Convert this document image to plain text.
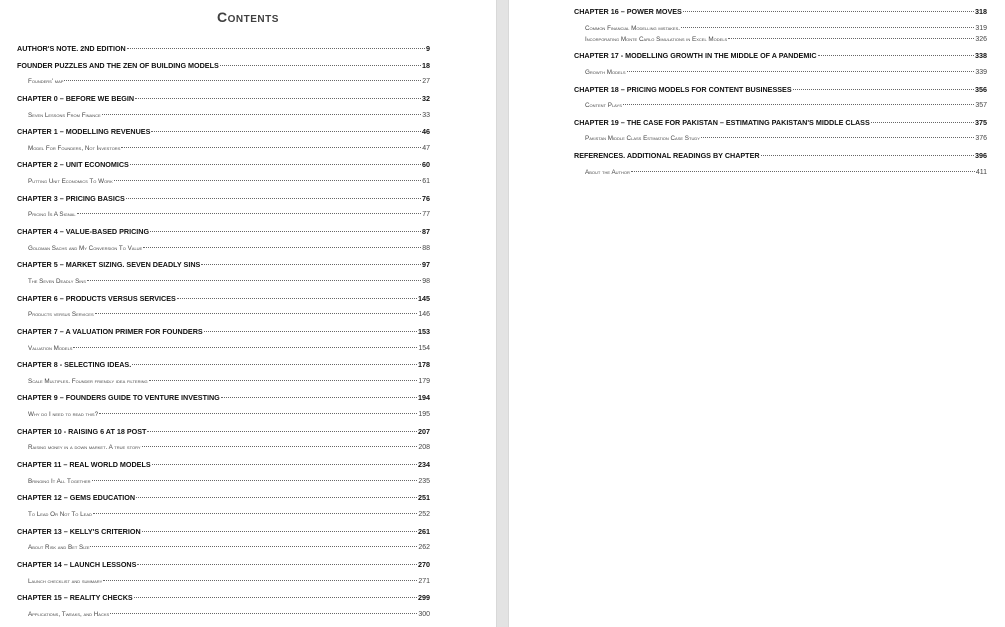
Contents
AUTHOR'S NOTE. 2ND EDITION	9
FOUNDER PUZZLES AND THE ZEN OF BUILDING MODELS	18
Founders' map	27
CHAPTER 0 – BEFORE WE BEGIN	32
Seven Lessons From Finance	33
CHAPTER 1 – MODELLING REVENUES	46
Model For Founders, Not Investors	47
CHAPTER 2 – UNIT ECONOMICS	60
Putting Unit Economics To Work	61
CHAPTER 3 – PRICING BASICS	76
Pricing Is A Signal	77
CHAPTER 4 – VALUE-BASED PRICING	87
Goldman Sachs and My Conversion To Value	88
CHAPTER 5 – MARKET SIZING. SEVEN DEADLY SINS	97
The Seven Deadly Sins	98
CHAPTER 6 – PRODUCTS VERSUS SERVICES	145
Products versus Services	146
CHAPTER 7 – A VALUATION PRIMER FOR FOUNDERS	153
Valuation Models	154
CHAPTER 8 - SELECTING IDEAS.	178
Scale Multiples. Founder friendly idea filtering	179
CHAPTER 9 – FOUNDERS GUIDE TO VENTURE INVESTING	194
Why do I need to read this?	195
CHAPTER 10 - RAISING 6 AT 18 POST	207
Raising money in a down market. A true story	208
CHAPTER 11 – REAL WORLD MODELS	234
Bringing It All Together	235
CHAPTER 12 – GEMS EDUCATION	251
To Lead Or Not To Lead	252
CHAPTER 13 – KELLY'S CRITERION	261
About Risk and Bet Size	262
CHAPTER 14 – LAUNCH LESSONS	270
Launch checklist and summary	271
CHAPTER 15 – REALITY CHECKS	299
Applications, Tweaks, and Hacks	300
CHAPTER 16 – POWER MOVES	318
Common Financial Modelling mistakes.	319
Incorporating Monte Carlo Simulations in Excel Models	326
CHAPTER 17 - MODELLING GROWTH IN THE MIDDLE OF A PANDEMIC	338
Growth Models	339
CHAPTER 18 – PRICING MODELS FOR CONTENT BUSINESSES	356
Content Plays	357
CHAPTER 19 – THE CASE FOR PAKISTAN – ESTIMATING PAKISTAN'S MIDDLE CLASS	375
Pakistan Middle Class Estimation Case Study	376
REFERENCES. ADDITIONAL READINGS BY CHAPTER	396
About the Author	411
